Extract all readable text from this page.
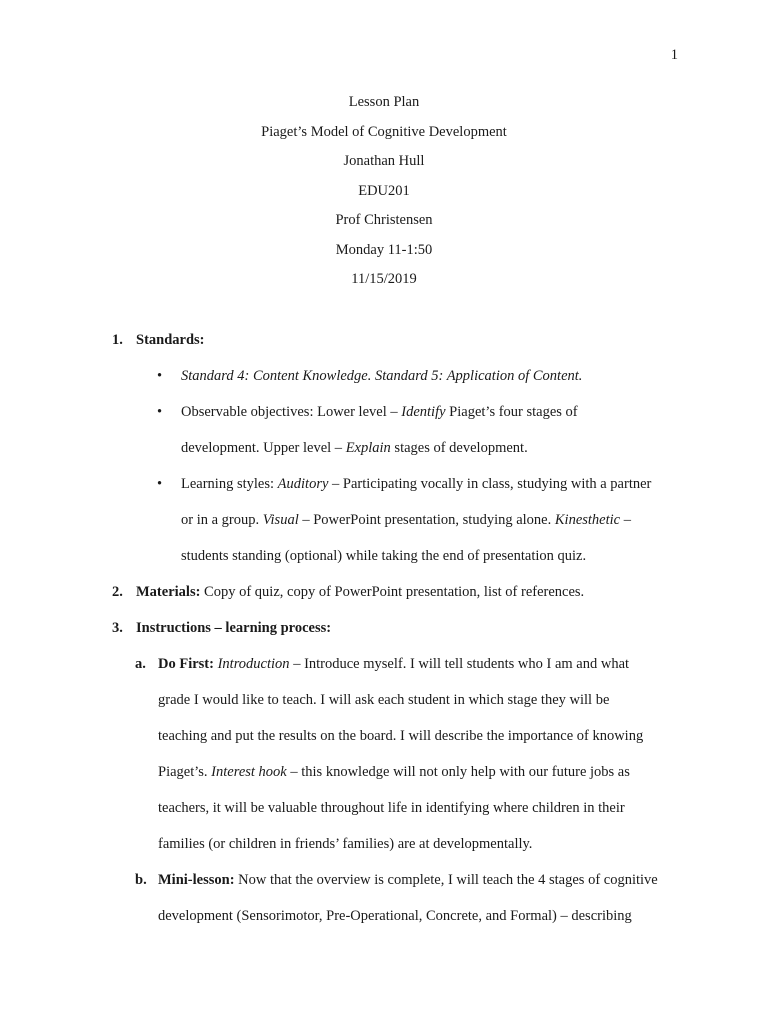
1
Lesson Plan
Piaget’s Model of Cognitive Development
Jonathan Hull
EDU201
Prof Christensen
Monday 11-1:50
11/15/2019
1. Standards:
• Standard 4: Content Knowledge. Standard 5: Application of Content.
• Observable objectives: Lower level – Identify Piaget’s four stages of
development. Upper level – Explain stages of development.
• Learning styles: Auditory – Participating vocally in class, studying with a partner
or in a group. Visual – PowerPoint presentation, studying alone. Kinesthetic –
students standing (optional) while taking the end of presentation quiz.
2. Materials: Copy of quiz, copy of PowerPoint presentation, list of references.
3. Instructions – learning process:
a. Do First: Introduction – Introduce myself. I will tell students who I am and what
grade I would like to teach. I will ask each student in which stage they will be
teaching and put the results on the board. I will describe the importance of knowing
Piaget’s. Interest hook – this knowledge will not only help with our future jobs as
teachers, it will be valuable throughout life in identifying where children in their
families (or children in friends’ families) are at developmentally.
b. Mini-lesson: Now that the overview is complete, I will teach the 4 stages of cognitive
development (Sensorimotor, Pre-Operational, Concrete, and Formal) – describing
